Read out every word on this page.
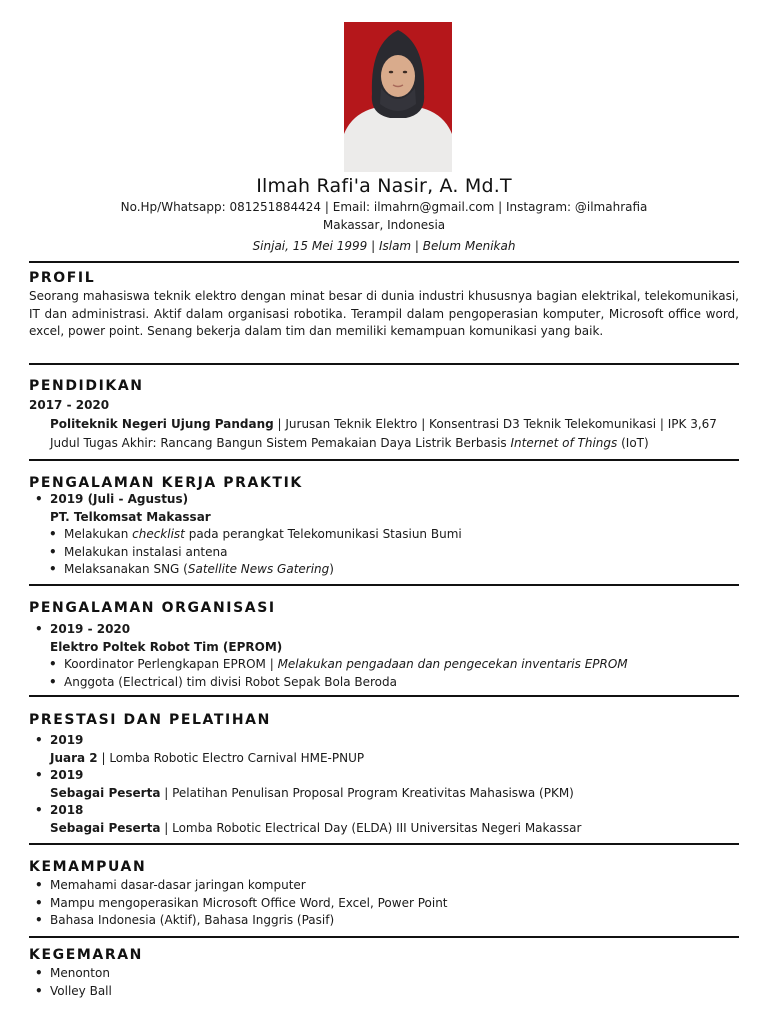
Ilmah Rafi'a Nasir, A. Md.T
No.Hp/Whatsapp: 081251884424 | Email: ilmahrn@gmail.com | Instagram: @ilmahrafia
Makassar, Indonesia
Sinjai, 15 Mei 1999 | Islam | Belum Menikah
PROFIL
Seorang mahasiswa teknik elektro dengan minat besar di dunia industri khususnya bagian elektrikal, telekomunikasi, IT dan administrasi. Aktif dalam organisasi robotika. Terampil dalam pengoperasian komputer, Microsoft office word, excel, power point. Senang bekerja dalam tim dan memiliki kemampuan komunikasi yang baik.
PENDIDIKAN
2017 - 2020
Politeknik Negeri Ujung Pandang | Jurusan Teknik Elektro | Konsentrasi D3 Teknik Telekomunikasi | IPK 3,67
Judul Tugas Akhir: Rancang Bangun Sistem Pemakaian Daya Listrik Berbasis Internet of Things (IoT)
PENGALAMAN KERJA PRAKTIK
• 2019 (Juli - Agustus)
PT. Telkomsat Makassar
• Melakukan checklist pada perangkat Telekomunikasi Stasiun Bumi
• Melakukan instalasi antena
• Melaksanakan SNG (Satellite News Gatering)
PENGALAMAN ORGANISASI
• 2019 - 2020
Elektro Poltek Robot Tim (EPROM)
• Koordinator Perlengkapan EPROM | Melakukan pengadaan dan pengecekan inventaris EPROM
• Anggota (Electrical) tim divisi Robot Sepak Bola Beroda
PRESTASI DAN PELATIHAN
• 2019
Juara 2 | Lomba Robotic Electro Carnival HME-PNUP
• 2019
Sebagai Peserta | Pelatihan Penulisan Proposal Program Kreativitas Mahasiswa (PKM)
• 2018
Sebagai Peserta | Lomba Robotic Electrical Day (ELDA) III Universitas Negeri Makassar
KEMAMPUAN
• Memahami dasar-dasar jaringan komputer
• Mampu mengoperasikan Microsoft Office Word, Excel, Power Point
• Bahasa Indonesia (Aktif), Bahasa Inggris (Pasif)
KEGEMARAN
• Menonton
• Volley Ball
